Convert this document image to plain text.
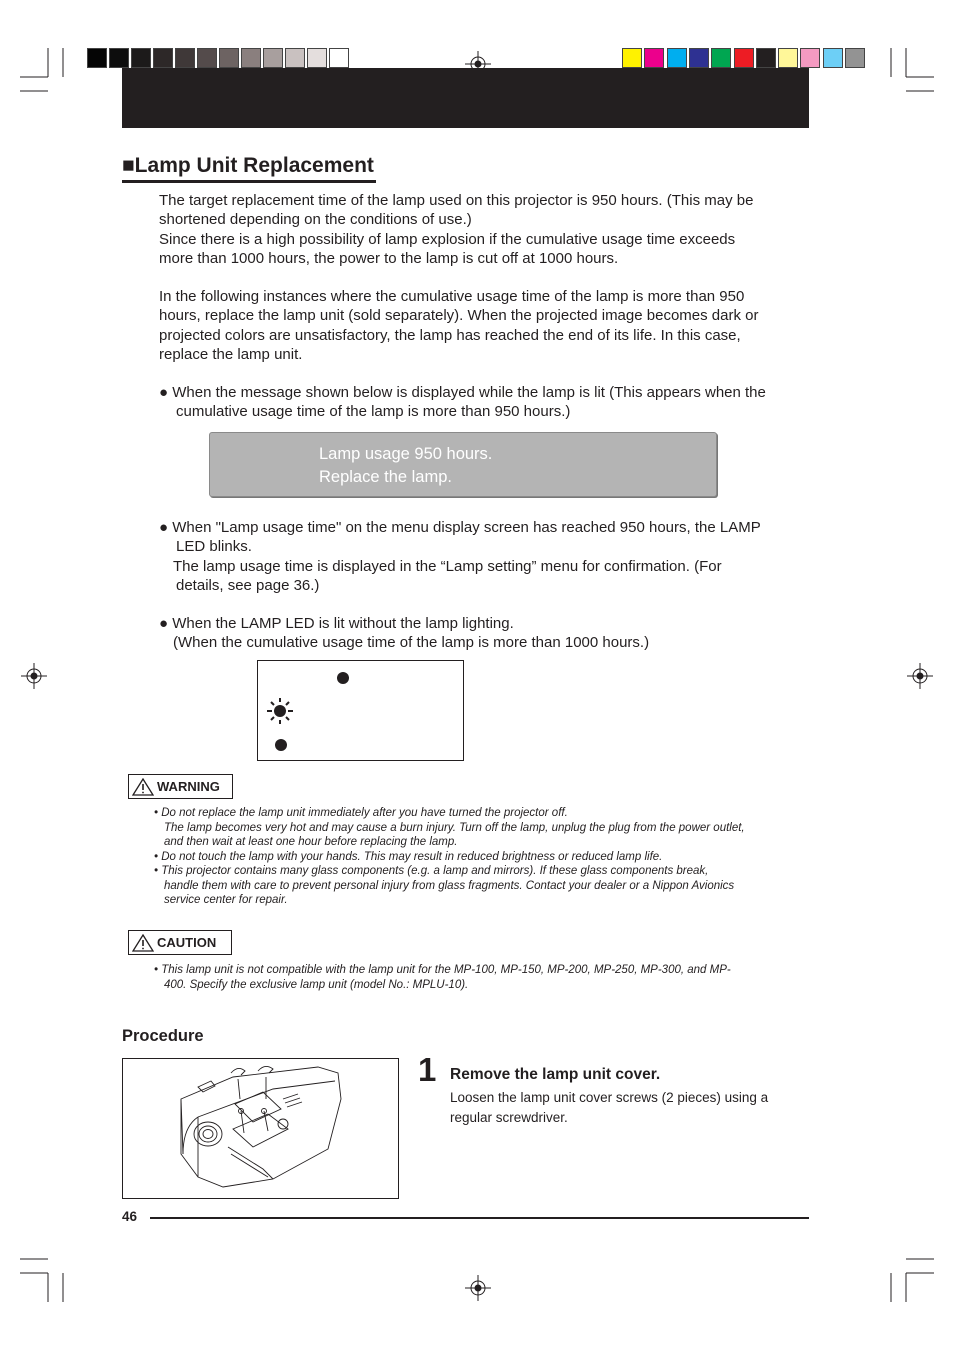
■Lamp Unit Replacement
The target replacement time of the lamp used on this projector is 950 hours. (This may be
shortened depending on the conditions of use.)
Since there is a high possibility of lamp explosion if the cumulative usage time exceeds
more than 1000 hours, the power to the lamp is cut off at 1000 hours.
In the following instances where the cumulative usage time of the lamp is more than 950
hours, replace the lamp unit (sold separately). When the projected image becomes dark or
projected colors are unsatisfactory, the lamp has reached the end of its life. In this case,
replace the lamp unit.
● When the message shown below is displayed while the lamp is lit (This appears when the
cumulative usage time of the lamp is more than 950 hours.)
Lamp usage 950 hours.
Replace the lamp.
● When "Lamp usage time" on the menu display screen has reached 950 hours, the LAMP
LED blinks.
The lamp usage time is displayed in the “Lamp setting” menu for confirmation. (For
details, see page 36.)
● When the LAMP LED is lit without the lamp lighting.
(When the cumulative usage time of the lamp is more than 1000 hours.)
WARNING
• Do not replace the lamp unit immediately after you have turned the projector off.
The lamp becomes very hot and may cause a burn injury. Turn off the lamp, unplug the plug from the power outlet,
and then wait at least one hour before replacing the lamp.
• Do not touch the lamp with your hands. This may result in reduced brightness or reduced lamp life.
• This projector contains many glass components (e.g. a lamp and mirrors). If these glass components break,
handle them with care to prevent personal injury from glass fragments. Contact your dealer or a Nippon Avionics
service center for repair.
CAUTION
• This lamp unit is not compatible with the lamp unit for the MP-100, MP-150, MP-200, MP-250, MP-300, and MP-
400. Specify the exclusive lamp unit (model No.: MPLU-10).
Procedure
1 Remove the lamp unit cover.
Loosen the lamp unit cover screws (2 pieces) using a
regular screwdriver.
46
